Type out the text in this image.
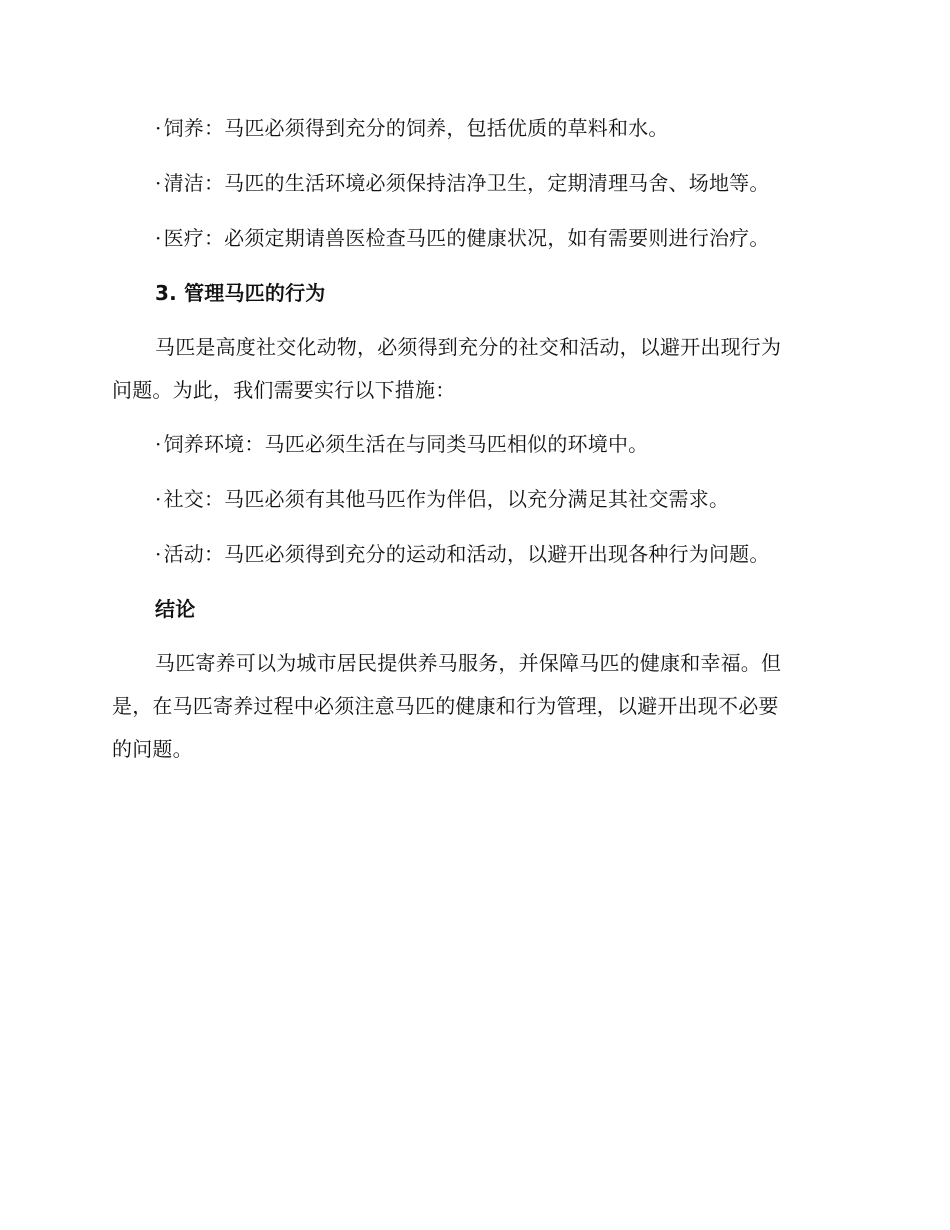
· 饲养：马匹必须得到充分的饲养，包括优质的草料和水。
· 清洁：马匹的生活环境必须保持洁净卫生，定期清理马舍、场地等。
· 医疗：必须定期请兽医检查马匹的健康状况，如有需要则进行治疗。
3. 管理马匹的行为
马匹是高度社交化动物，必须得到充分的社交和活动，以避开出现行为
问题。为此，我们需要实行以下措施：
· 饲养环境：马匹必须生活在与同类马匹相似的环境中。
· 社交：马匹必须有其他马匹作为伴侣，以充分满足其社交需求。
· 活动：马匹必须得到充分的运动和活动，以避开出现各种行为问题。
结论
马匹寄养可以为城市居民提供养马服务，并保障马匹的健康和幸福。但
是，在马匹寄养过程中必须注意马匹的健康和行为管理，以避开出现不必要
的问题。
